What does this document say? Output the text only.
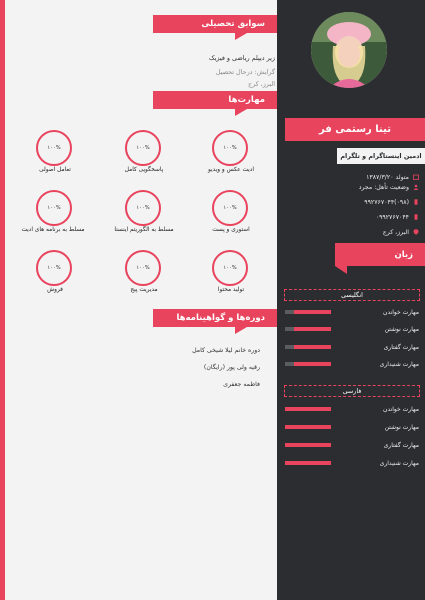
سوابق تحصیلی
زیر دیپلم ریاضی و فیزیک
گرایش: درحال تحصیل
البرز، کرج
مهارت‌ها
۱۰۰%
ادیت عکس و ویدیو
۱۰۰%
پاسخگویی کامل
۱۰۰%
تعامل اصولی
۱۰۰%
استوری و پست
۱۰۰%
مسلط به الگوریتم اینستا
۱۰۰%
مسلط به برنامه های ادیت
۱۰۰%
تولید محتوا
۱۰۰%
مدیریت پیج
۱۰۰%
فروش
دوره‌ها و گواهینامه‌ها
دوره خانم لیلا شیخی کامل
رقیه ولی پور (رایگان)
فاطمه جعفری
تینا رستمی فر
ادمین اینستاگرام و تلگرام
متولد ۱۳۸۷/۳/۲۰
وضعیت تأهل: مجرد
(۰۹۸)۹۹۲۷۶۷۰۴۴
۰۹۹۲۷۶۷۰۴۴
البرز، کرج
زبان
انگلیسی
مهارت خواندن
مهارت نوشتن
مهارت گفتاری
مهارت شنیداری
فارسی
مهارت خواندن
مهارت نوشتن
مهارت گفتاری
مهارت شنیداری
